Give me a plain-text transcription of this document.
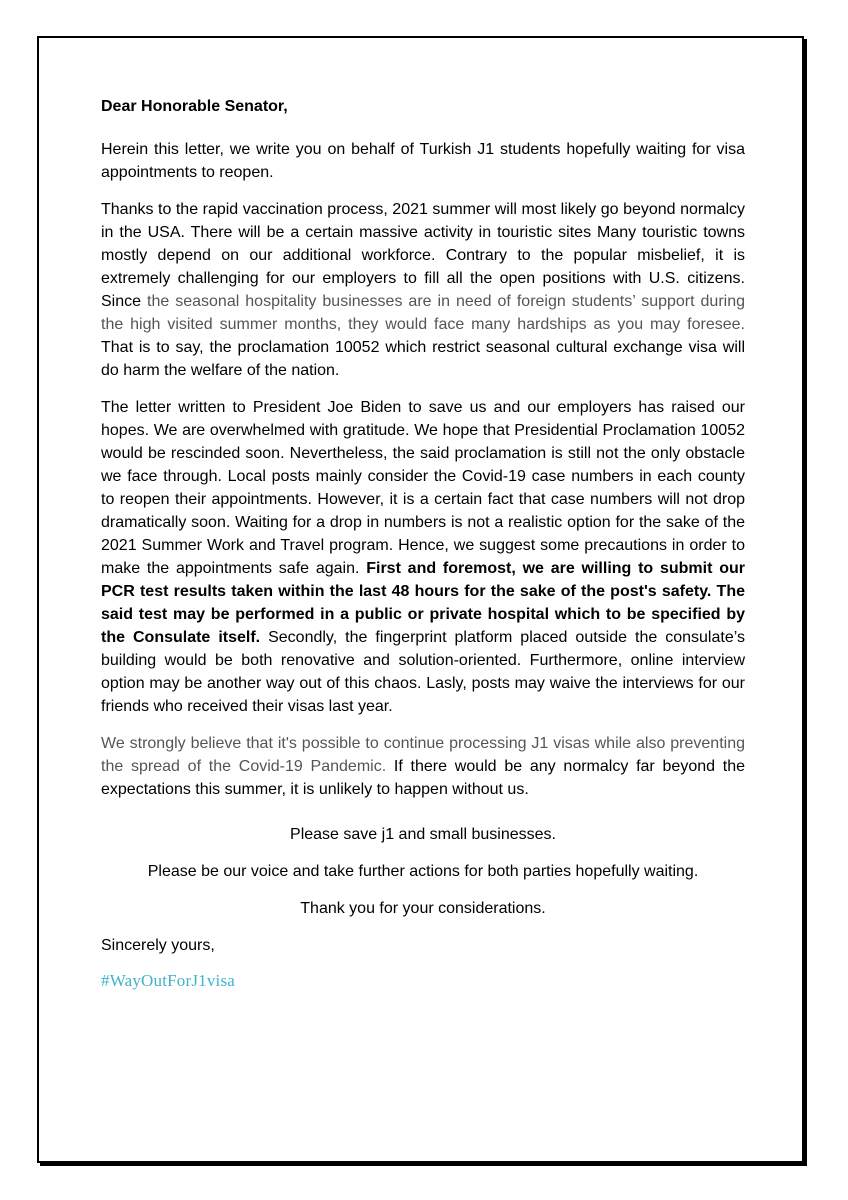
Dear Honorable Senator,

Herein this letter, we write you on behalf of Turkish J1 students hopefully waiting for visa appointments to reopen.

Thanks to the rapid vaccination process, 2021 summer will most likely go beyond normalcy in the USA. There will be a certain massive activity in touristic sites Many touristic towns mostly depend on our additional workforce. Contrary to the popular misbelief, it is extremely challenging for our employers to fill all the open positions with U.S. citizens. Since the seasonal hospitality businesses are in need of foreign students’ support during the high visited summer months, they would face many hardships as you may foresee. That is to say, the proclamation 10052 which restrict seasonal cultural exchange visa will do harm the welfare of the nation.

The letter written to President Joe Biden to save us and our employers has raised our hopes. We are overwhelmed with gratitude. We hope that Presidential Proclamation 10052 would be rescinded soon. Nevertheless, the said proclamation is still not the only obstacle we face through. Local posts mainly consider the Covid-19 case numbers in each county to reopen their appointments. However, it is a certain fact that case numbers will not drop dramatically soon. Waiting for a drop in numbers is not a realistic option for the sake of the 2021 Summer Work and Travel program. Hence, we suggest some precautions in order to make the appointments safe again. First and foremost, we are willing to submit our PCR test results taken within the last 48 hours for the sake of the post's safety. The said test may be performed in a public or private hospital which to be specified by the Consulate itself. Secondly, the fingerprint platform placed outside the consulate’s building would be both renovative and solution-oriented. Furthermore, online interview option may be another way out of this chaos. Lasly, posts may waive the interviews for our friends who received their visas last year.

We strongly believe that it's possible to continue processing J1 visas while also preventing the spread of the Covid-19 Pandemic. If there would be any normalcy far beyond the expectations this summer, it is unlikely to happen without us.

Please save j1 and small businesses.

Please be our voice and take further actions for both parties hopefully waiting.

Thank you for your considerations.

Sincerely yours,

#WayOutForJ1visa
